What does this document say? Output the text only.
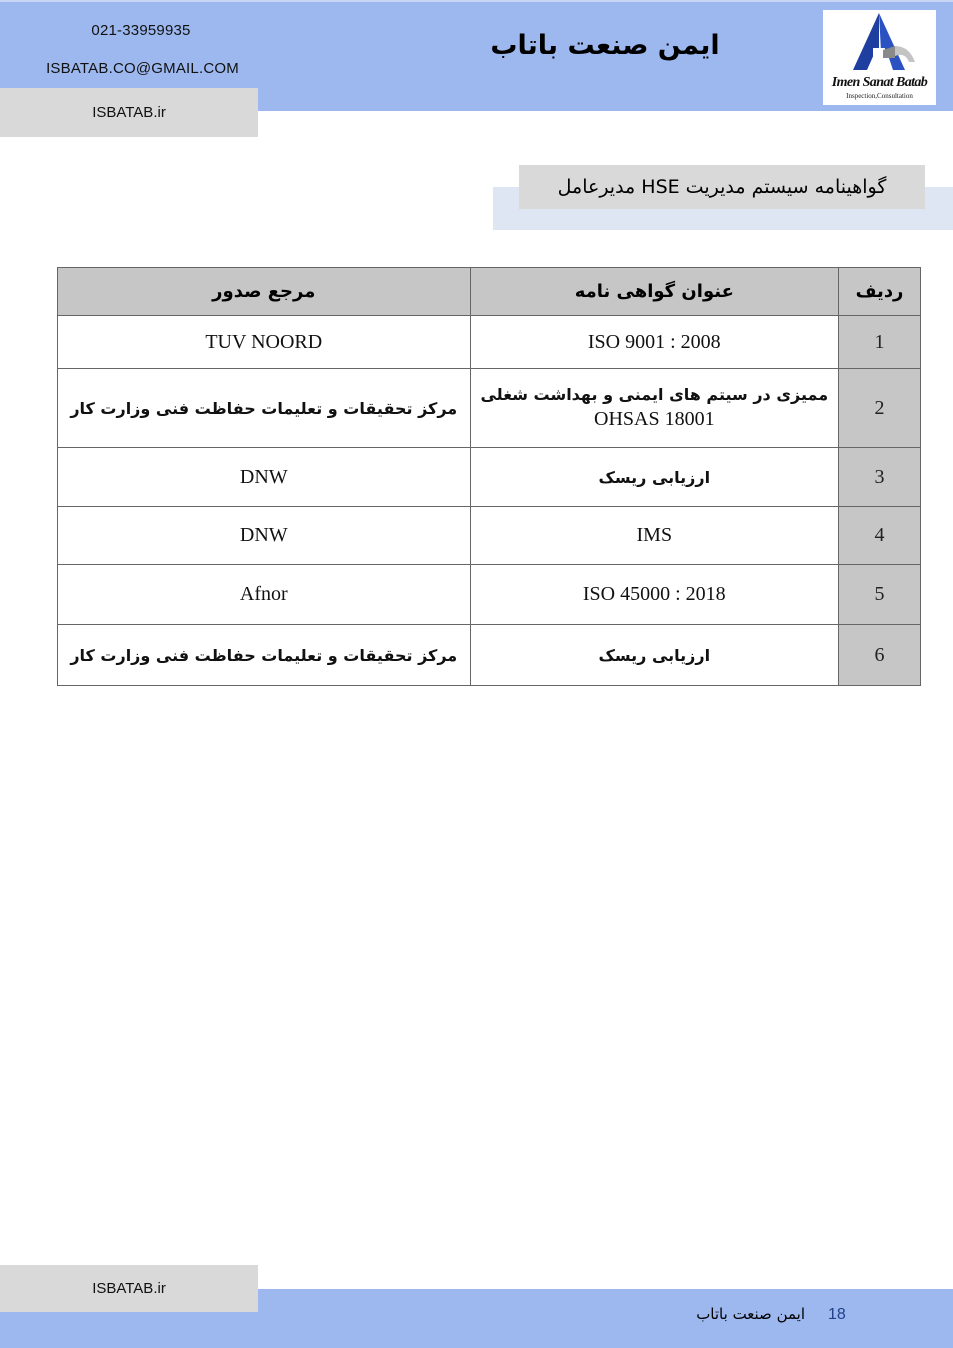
021-33959935
ISBATAB.CO@GMAIL.COM
ISBATAB.ir
ایمن صنعت باتاب
Imen Sanat Batab
Inspection,Consultation
گواهینامه سیستم مدیریت HSE مدیرعامل
ردیف	عنوان گواهی نامه	مرجع صدور
1	ISO 9001 : 2008	TUV NOORD
2	ممیزی در سیتم های ایمنی و بهداشت شغلی
OHSAS 18001	مرکز تحقیقات و تعلیمات حفاظت فنی وزارت کار
3	ارزیابی ریسک	DNW
4	IMS	DNW
5	ISO 45000 : 2018	Afnor
6	ارزیابی ریسک	مرکز تحقیقات و تعلیمات حفاظت فنی وزارت کار
ISBATAB.ir
ایمن صنعت باتاب 18
